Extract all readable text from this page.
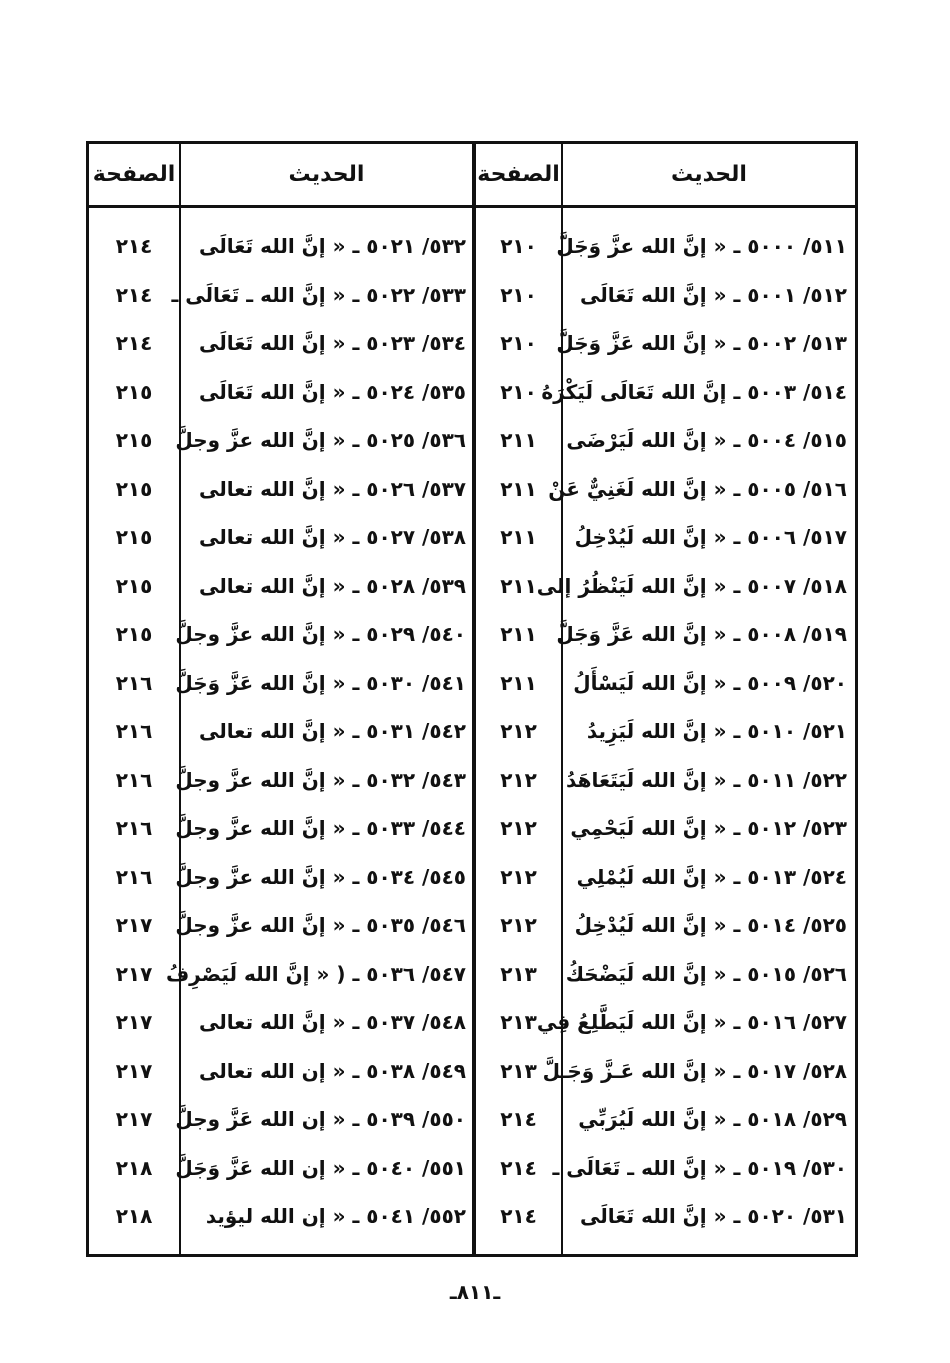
الحديث
الصفحة
الحديث
الصفحة
٥١١/ ٥٠٠٠ ـ « إنَّ الله عزَّ وَجَلَّ
٢١٠
٥٣٢/ ٥٠٢١ ـ « إنَّ الله تَعَالَى
٢١٤
٥١٢/ ٥٠٠١ ـ « إنَّ الله تَعَالَى
٢١٠
٥٣٣/ ٥٠٢٢ ـ « إنَّ الله ـ تَعَالَى ـ
٢١٤
٥١٣/ ٥٠٠٢ ـ « إنَّ الله عَزَّ وَجَلَّ
٢١٠
٥٣٤/ ٥٠٢٣ ـ « إنَّ الله تَعَالَى
٢١٤
٥١٤/ ٥٠٠٣ ـ إنَّ الله تَعَالَى لَيَكْرَهُ
٢١٠
٥٣٥/ ٥٠٢٤ ـ « إنَّ الله تَعَالَى
٢١٥
٥١٥/ ٥٠٠٤ ـ « إنَّ الله لَيَرْضَى
٢١١
٥٣٦/ ٥٠٢٥ ـ « إنَّ الله عزَّ وجلَّ
٢١٥
٥١٦/ ٥٠٠٥ ـ « إنَّ الله لَغَنِيٌّ عَنْ
٢١١
٥٣٧/ ٥٠٢٦ ـ « إنَّ الله تعالى
٢١٥
٥١٧/ ٥٠٠٦ ـ « إنَّ الله لَيُدْخِلُ
٢١١
٥٣٨/ ٥٠٢٧ ـ « إنَّ الله تعالى
٢١٥
٥١٨/ ٥٠٠٧ ـ « إنَّ الله لَيَنْظُرُ إلى
٢١١
٥٣٩/ ٥٠٢٨ ـ « إنَّ الله تعالى
٢١٥
٥١٩/ ٥٠٠٨ ـ « إنَّ الله عَزَّ وَجَلَّ
٢١١
٥٤٠/ ٥٠٢٩ ـ « إنَّ الله عزَّ وجلَّ
٢١٥
٥٢٠/ ٥٠٠٩ ـ « إنَّ الله لَيَسْأَلُ
٢١١
٥٤١/ ٥٠٣٠ ـ « إنَّ الله عَزَّ وَجَلَّ
٢١٦
٥٢١/ ٥٠١٠ ـ « إنَّ الله لَيَزِيدُ
٢١٢
٥٤٢/ ٥٠٣١ ـ « إنَّ الله تعالى
٢١٦
٥٢٢/ ٥٠١١ ـ « إنَّ الله لَيَتَعَاهَدُ
٢١٢
٥٤٣/ ٥٠٣٢ ـ « إنَّ الله عزَّ وجلَّ
٢١٦
٥٢٣/ ٥٠١٢ ـ « إنَّ الله لَيَحْمِي
٢١٢
٥٤٤/ ٥٠٣٣ ـ « إنَّ الله عزَّ وجلَّ
٢١٦
٥٢٤/ ٥٠١٣ ـ « إنَّ الله لَيُمْلِي
٢١٢
٥٤٥/ ٥٠٣٤ ـ « إنَّ الله عزَّ وجلَّ
٢١٦
٥٢٥/ ٥٠١٤ ـ « إنَّ الله لَيُدْخِلُ
٢١٢
٥٤٦/ ٥٠٣٥ ـ « إنَّ الله عزَّ وجلَّ
٢١٧
٥٢٦/ ٥٠١٥ ـ « إنَّ الله لَيَضْحَكُ
٢١٣
٥٤٧/ ٥٠٣٦ ـ ( « إنَّ الله لَيَصْرِفُ
٢١٧
٥٢٧/ ٥٠١٦ ـ « إنَّ الله لَيَطَّلِعُ فِي
٢١٣
٥٤٨/ ٥٠٣٧ ـ « إنَّ الله تعالى
٢١٧
٥٢٨/ ٥٠١٧ ـ « إنَّ الله عَـزَّ وَجَـلَّ
٢١٣
٥٤٩/ ٥٠٣٨ ـ « إن الله تعالى
٢١٧
٥٢٩/ ٥٠١٨ ـ « إنَّ الله لَيُرَبِّي
٢١٤
٥٥٠/ ٥٠٣٩ ـ « إن الله عَزَّ وجلَّ
٢١٧
٥٣٠/ ٥٠١٩ ـ « إنَّ الله ـ تَعَالَى ـ
٢١٤
٥٥١/ ٥٠٤٠ ـ « إن الله عَزَّ وَجَلَّ
٢١٨
٥٣١/ ٥٠٢٠ ـ « إنَّ الله تَعَالَى
٢١٤
٥٥٢/ ٥٠٤١ ـ « إن الله ليؤيد
٢١٨
ـ٨١١ـ
